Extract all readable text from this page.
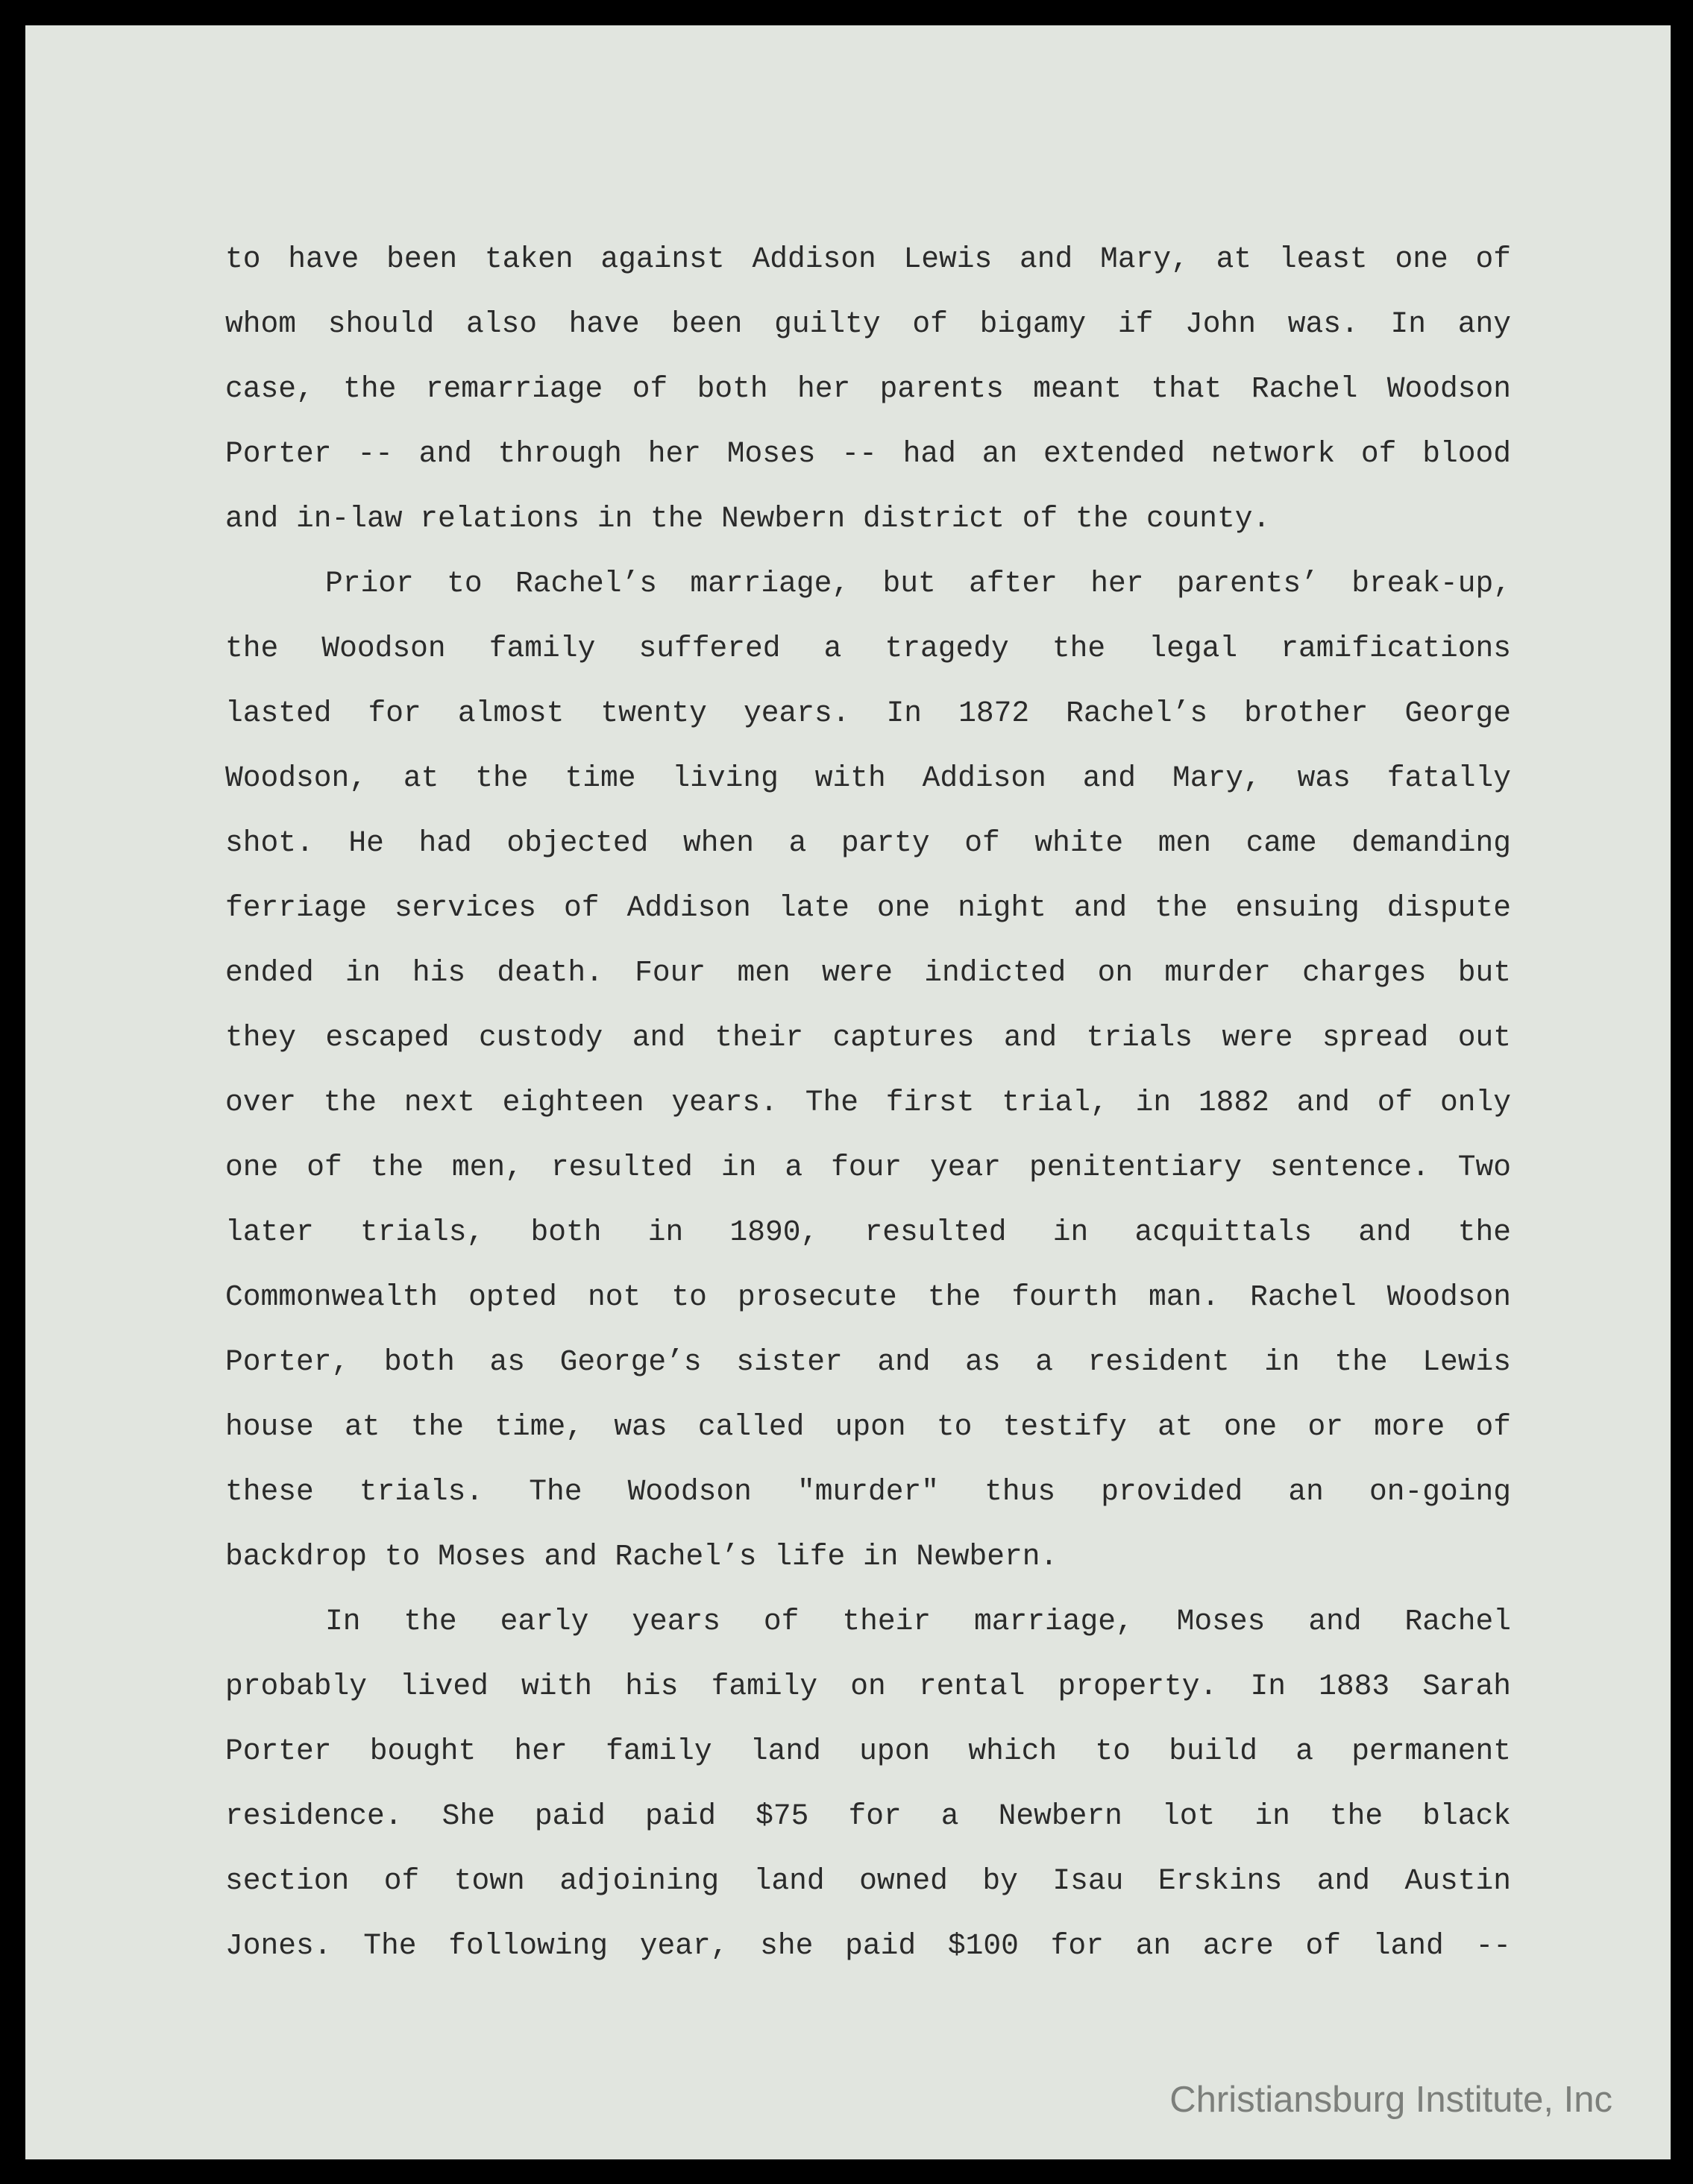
to have been taken against Addison Lewis and Mary, at least one of
whom should also have been guilty of bigamy if John was. In any
case, the remarriage of both her parents meant that Rachel Woodson
Porter -- and through her Moses -- had an extended network of blood
and in-law relations in the Newbern district of the county.
Prior to Rachel’s marriage, but after her parents’ break-up,
the Woodson family suffered a tragedy the legal ramifications
lasted for almost twenty years. In 1872 Rachel’s brother George
Woodson, at the time living with Addison and Mary, was fatally
shot. He had objected when a party of white men came demanding
ferriage services of Addison late one night and the ensuing dispute
ended in his death. Four men were indicted on murder charges but
they escaped custody and their captures and trials were spread out
over the next eighteen years. The first trial, in 1882 and of only
one of the men, resulted in a four year penitentiary sentence. Two
later trials, both in 1890, resulted in acquittals and the
Commonwealth opted not to prosecute the fourth man. Rachel Woodson
Porter, both as George’s sister and as a resident in the Lewis
house at the time, was called upon to testify at one or more of
these trials. The Woodson "murder" thus provided an on-going
backdrop to Moses and Rachel’s life in Newbern.
In the early years of their marriage, Moses and Rachel
probably lived with his family on rental property. In 1883 Sarah
Porter bought her family land upon which to build a permanent
residence. She paid paid $75 for a Newbern lot in the black
section of town adjoining land owned by Isau Erskins and Austin
Jones. The following year, she paid $100 for an acre of land --
Christiansburg Institute, Inc
